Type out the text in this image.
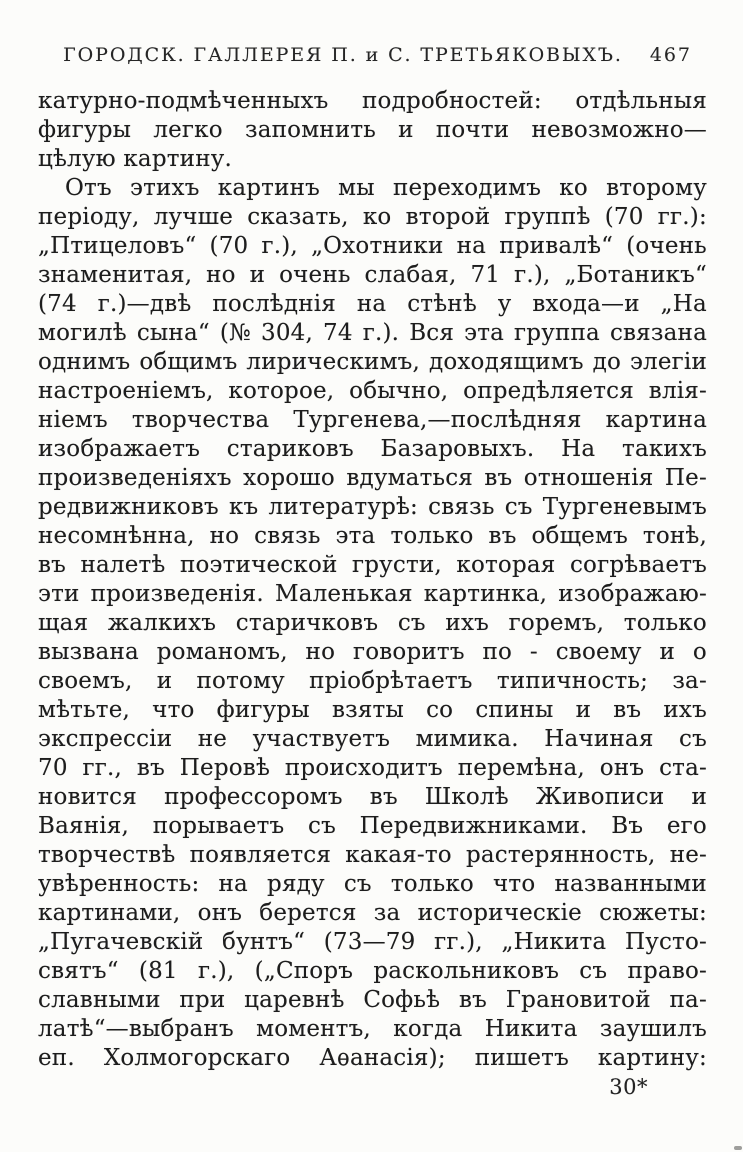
ГОРОДСК. ГАЛЛЕРЕЯ П. и С. ТРЕТЬЯКОВЫХЪ. 467
катурно-подмѣченныхъ подробностей: отдѣльныя
фигуры легко запомнить и почти невозможно—
цѣлую картину.
Отъ этихъ картинъ мы переходимъ ко второму
періоду, лучше сказать, ко второй группѣ (70 гг.):
„Птицеловъ“ (70 г.), „Охотники на привалѣ“ (очень
знаменитая, но и очень слабая, 71 г.), „Ботаникъ“
(74 г.)—двѣ послѣднія на стѣнѣ у входа—и „На
могилѣ сына“ (№ 304, 74 г.). Вся эта группа связана
однимъ общимъ лирическимъ, доходящимъ до элегіи
настроеніемъ, которое, обычно, опредѣляется влія-
ніемъ творчества Тургенева,—послѣдняя картина
изображаетъ стариковъ Базаровыхъ. На такихъ
произведеніяхъ хорошо вдуматься въ отношенія Пе-
редвижниковъ къ литературѣ: связь съ Тургеневымъ
несомнѣнна, но связь эта только въ общемъ тонѣ,
въ налетѣ поэтической грусти, которая согрѣваетъ
эти произведенія. Маленькая картинка, изображаю-
щая жалкихъ старичковъ съ ихъ горемъ, только
вызвана романомъ, но говоритъ по - своему и о
своемъ, и потому пріобрѣтаетъ типичность; за-
мѣтьте, что фигуры взяты со спины и въ ихъ
экспрессіи не участвуетъ мимика. Начиная съ
70 гг., въ Перовѣ происходитъ перемѣна, онъ ста-
новится профессоромъ въ Школѣ Живописи и
Ваянія, порываетъ съ Передвижниками. Въ его
творчествѣ появляется какая-то растерянность, не-
увѣренность: на ряду съ только что названными
картинами, онъ берется за историческіе сюжеты:
„Пугачевскій бунтъ“ (73—79 гг.), „Никита Пусто-
святъ“ (81 г.), („Споръ раскольниковъ съ право-
славными при царевнѣ Софьѣ въ Грановитой па-
латѣ“—выбранъ моментъ, когда Никита заушилъ
еп. Холмогорскаго Аѳанасія); пишетъ картину:
30*
